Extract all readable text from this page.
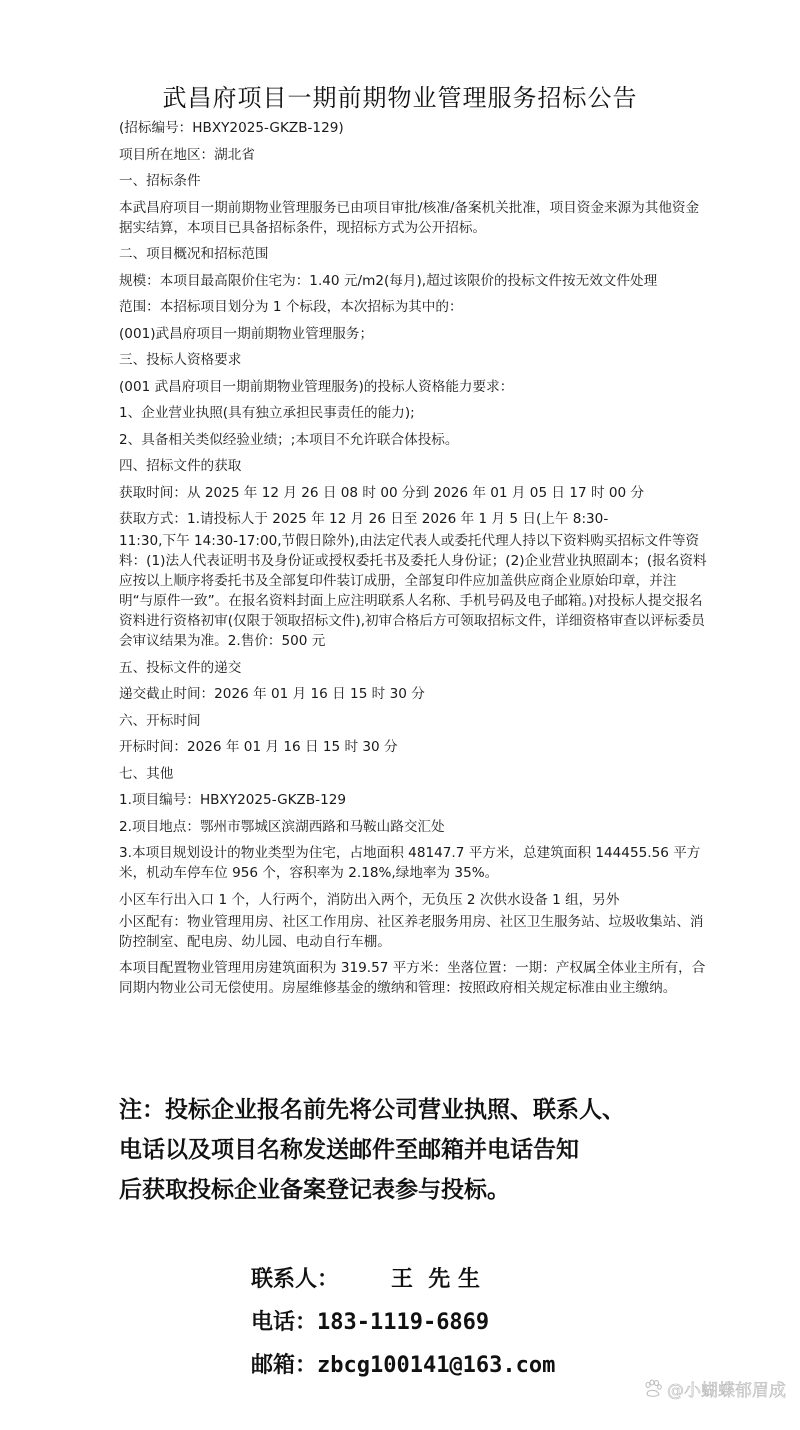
武昌府项目一期前期物业管理服务招标公告

(招标编号：HBXY2025-GKZB-129)

项目所在地区：湖北省

一、招标条件

本武昌府项目一期前期物业管理服务已由项目审批/核准/备案机关批准，项目资金来源为其他资金据实结算，本项目已具备招标条件，现招标方式为公开招标。

二、项目概况和招标范围

规模：本项目最高限价住宅为：1.40 元/m2(每月),超过该限价的投标文件按无效文件处理

范围：本招标项目划分为 1 个标段，本次招标为其中的：

(001)武昌府项目一期前期物业管理服务；

三、投标人资格要求

(001 武昌府项目一期前期物业管理服务)的投标人资格能力要求：

1、企业营业执照(具有独立承担民事责任的能力);

2、具备相关类似经验业绩；;本项目不允许联合体投标。

四、招标文件的获取

获取时间：从 2025 年 12 月 26 日 08 时 00 分到 2026 年 01 月 05 日 17 时 00 分

获取方式：1.请投标人于 2025 年 12 月 26 日至 2026 年 1 月 5 日(上午 8:30-

11:30,下午 14:30-17:00,节假日除外),由法定代表人或委托代理人持以下资料购买招标文件等资料：(1)法人代表证明书及身份证或授权委托书及委托人身份证；(2)企业营业执照副本；(报名资料应按以上顺序将委托书及全部复印件装订成册，全部复印件应加盖供应商企业原始印章，并注明“与原件一致”。在报名资料封面上应注明联系人名称、手机号码及电子邮箱。)对投标人提交报名资料进行资格初审(仅限于领取招标文件),初审合格后方可领取招标文件，详细资格审查以评标委员会审议结果为准。2.售价：500 元

五、投标文件的递交

递交截止时间：2026 年 01 月 16 日 15 时 30 分

六、开标时间

开标时间：2026 年 01 月 16 日 15 时 30 分

七、其他

1.项目编号：HBXY2025-GKZB-129

2.项目地点：鄂州市鄂城区滨湖西路和马鞍山路交汇处

3.本项目规划设计的物业类型为住宅，占地面积 48147.7 平方米，总建筑面积 144455.56 平方米，机动车停车位 956 个，容积率为 2.18%,绿地率为 35%。

小区车行出入口 1 个，人行两个，消防出入两个，无负压 2 次供水设备 1 组，另外

小区配有：物业管理用房、社区工作用房、社区养老服务用房、社区卫生服务站、垃圾收集站、消防控制室、配电房、幼儿园、电动自行车棚。

本项目配置物业管理用房建筑面积为 319.57 平方米：坐落位置：一期：产权属全体业主所有，合同期内物业公司无偿使用。房屋维修基金的缴纳和管理：按照政府相关规定标准由业主缴纳。

注：投标企业报名前先将公司营业执照、联系人、

电话以及项目名称发送邮件至邮箱并电话告知

后获取投标企业备案登记表参与投标。

联系人： 王  先 生

电话：183-1119-6869

邮箱：zbcg100141@163.com

@小蝴蝶郁眉成
